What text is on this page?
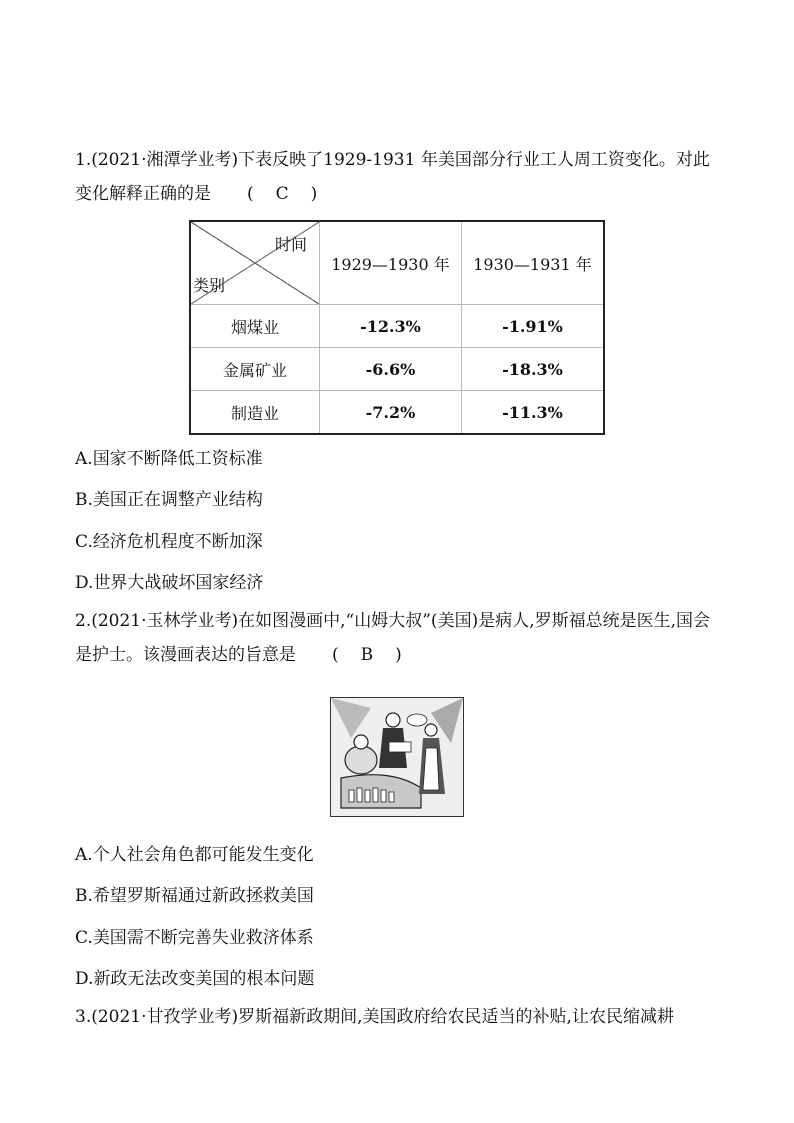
1.(2021·湘潭学业考)下表反映了1929-1931 年美国部分行业工人周工资变化。对此变化解释正确的是 ( C )
时间
类别	1929—1930 年	1930—1931 年
烟煤业	-12.3%	-1.91%
金属矿业	-6.6%	-18.3%
制造业	-7.2%	-11.3%
A.国家不断降低工资标准
B.美国正在调整产业结构
C.经济危机程度不断加深
D.世界大战破坏国家经济
2.(2021·玉林学业考)在如图漫画中,“山姆大叔”(美国)是病人,罗斯福总统是医生,国会是护士。该漫画表达的旨意是 ( B )
A.个人社会角色都可能发生变化
B.希望罗斯福通过新政拯救美国
C.美国需不断完善失业救济体系
D.新政无法改变美国的根本问题
3.(2021·甘孜学业考)罗斯福新政期间,美国政府给农民适当的补贴,让农民缩减耕
